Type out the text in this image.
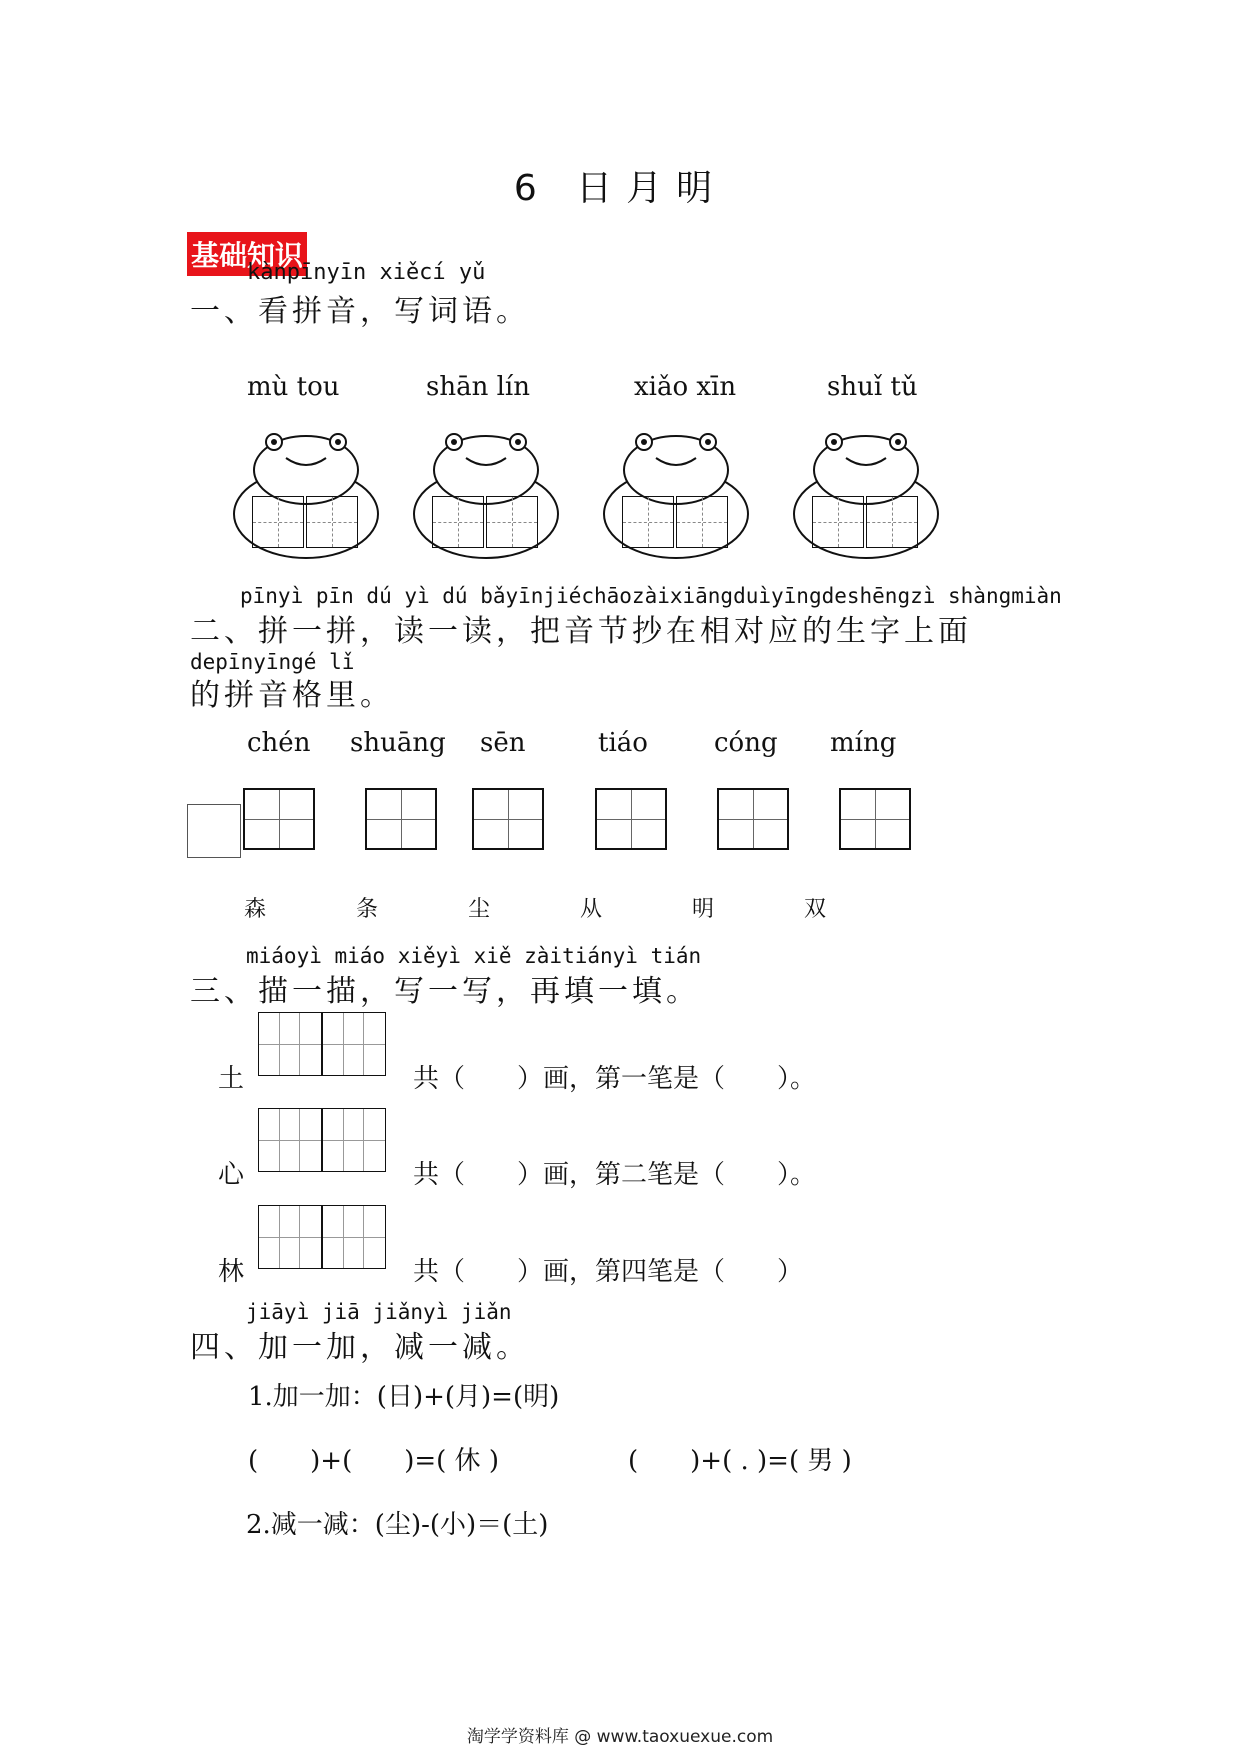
6 日月明
基础知识
kànpīnyīn xiěcí yǔ
一、看拼音，写词语。
mù tou	shān lín	xiǎo xīn	shuǐ tǔ
pīnyì pīn dú yì dú bǎyīnjiéchāozàixiāngduìyīngdeshēngzì shàngmiàn
二、拼一拼，读一读，把音节抄在相对应的生字上面
depīnyīngé lǐ
的拼音格里。
chén shuāng sēn	tiáo	cóng míng
森	条	尘	从	明	双
miáoyì miáo xiěyì xiě zàitiányì tián
三、描一描，写一写，再填一填。
土	共（　　）画，第一笔是（　　）。
心	共（　　）画，第二笔是（　　）。
林	共（　　）画，第四笔是（　　）
jiāyì jiā jiǎnyì jiǎn
四、加一加，减一减。
1.加一加：(日)+(月)=(明)
(　　)+(　　)=( 休 )	(　　)+( . )=( 男 )
2.减一减：(尘)-(小)＝(土)
淘学学资料库 @ www.taoxuexue.com
